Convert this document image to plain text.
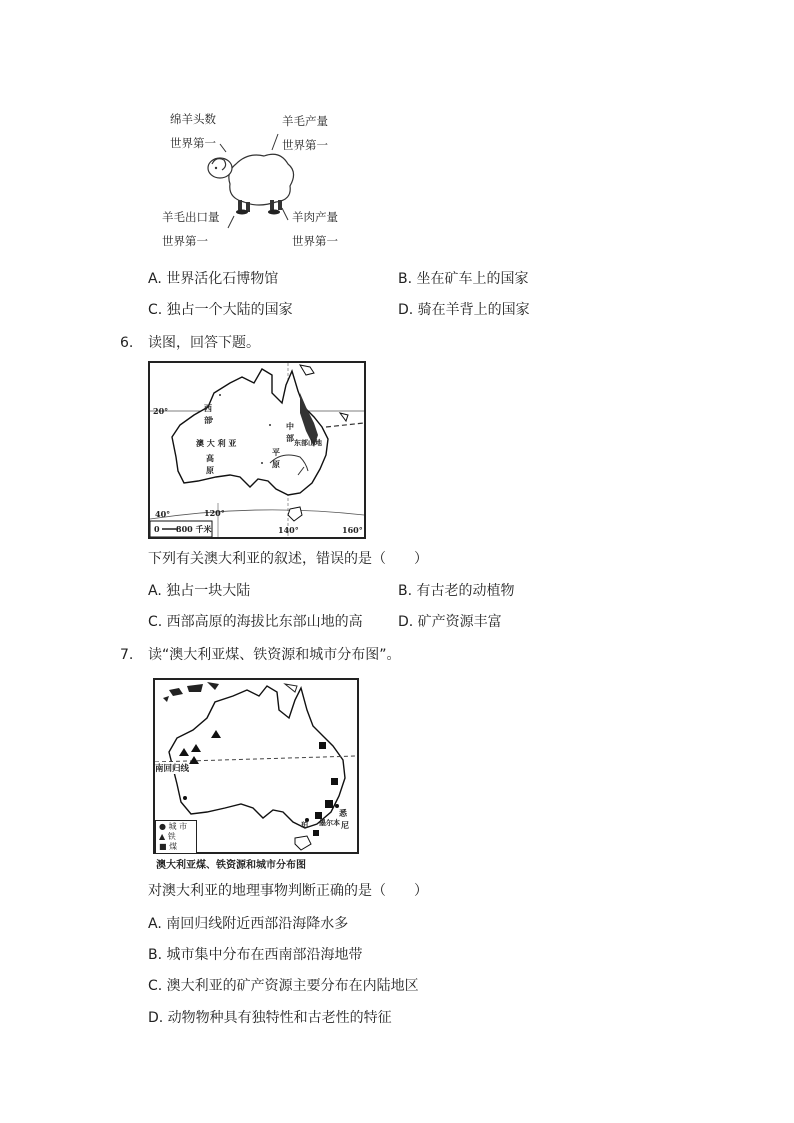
绵羊头数
世界第一
羊毛产量
世界第一
羊毛出口量
世界第一
羊肉产量
世界第一
A. 世界活化石博物馆	B. 坐在矿车上的国家
C. 独占一个大陆的国家	D. 骑在羊背上的国家
6. 读图，回答下题。
20°
40°	120°
140°	160°
0 800 千米
澳 大 利 亚
西
部
高
原
中
部
平
原
东部山地
下列有关澳大利亚的叙述，错误的是（　　）
A. 独占一块大陆	B. 有古老的动植物
C. 西部高原的海拔比东部山地的高	D. 矿产资源丰富
7. 读“澳大利亚煤、铁资源和城市分布图”。
南回归线
悉
尼
墨尔本
珀
● 城 市
▲ 铁
■ 煤
澳大利亚煤、铁资源和城市分布图
对澳大利亚的地理事物判断正确的是（　　）
A. 南回归线附近西部沿海降水多
B. 城市集中分布在西南部沿海地带
C. 澳大利亚的矿产资源主要分布在内陆地区
D. 动物物种具有独特性和古老性的特征
